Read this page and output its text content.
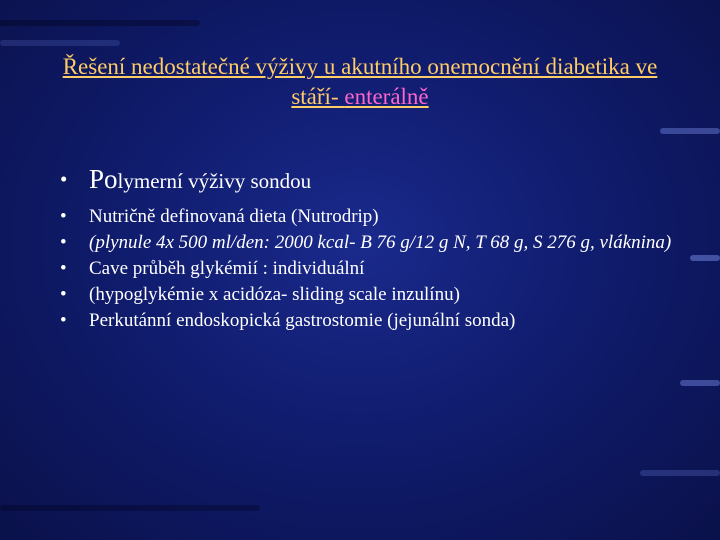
Řešení nedostatečné výživy u akutního onemocnění diabetika ve stáří- enterálně
• Polymerní výživy sondou
• Nutričně definovaná dieta (Nutrodrip)
• (plynule 4x 500 ml/den: 2000 kcal- B 76 g/12 g N, T 68 g, S 276 g, vláknina)
• Cave průběh glykémií : individuální
• (hypoglykémie x acidóza- sliding scale inzulínu)
• Perkutánní endoskopická gastrostomie (jejunální sonda)
